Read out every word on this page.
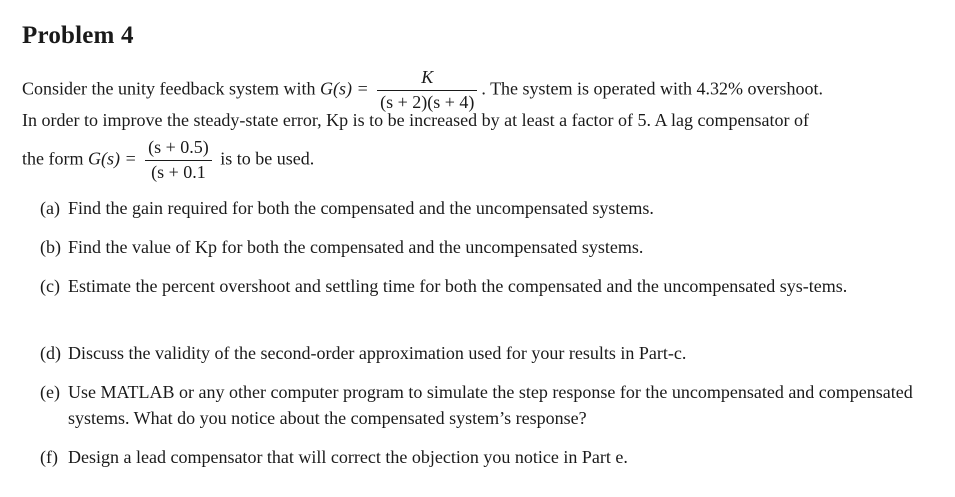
Problem 4
Consider the unity feedback system with $G(s) = \frac{K}{(s + 2)(s + 4)}$ . The system is operated with 4.32% overshoot.
In order to improve the steady-state error, Kp is to be increased by at least a factor of 5. A lag compensator of
the form $G(s) = \frac{(s + 0.5)}{(s + 0.1}$ is to be used.
(a) Find the gain required for both the compensated and the uncompensated systems.
(b) Find the value of Kp for both the compensated and the uncompensated systems.
(c) Estimate the percent overshoot and settling time for both the compensated and the uncompensated sys-tems.
(d) Discuss the validity of the second-order approximation used for your results in Part-c.
(e) Use MATLAB or any other computer program to simulate the step response for the uncompensated and compensated systems. What do you notice about the compensated system’s response?
(f) Design a lead compensator that will correct the objection you notice in Part e.
